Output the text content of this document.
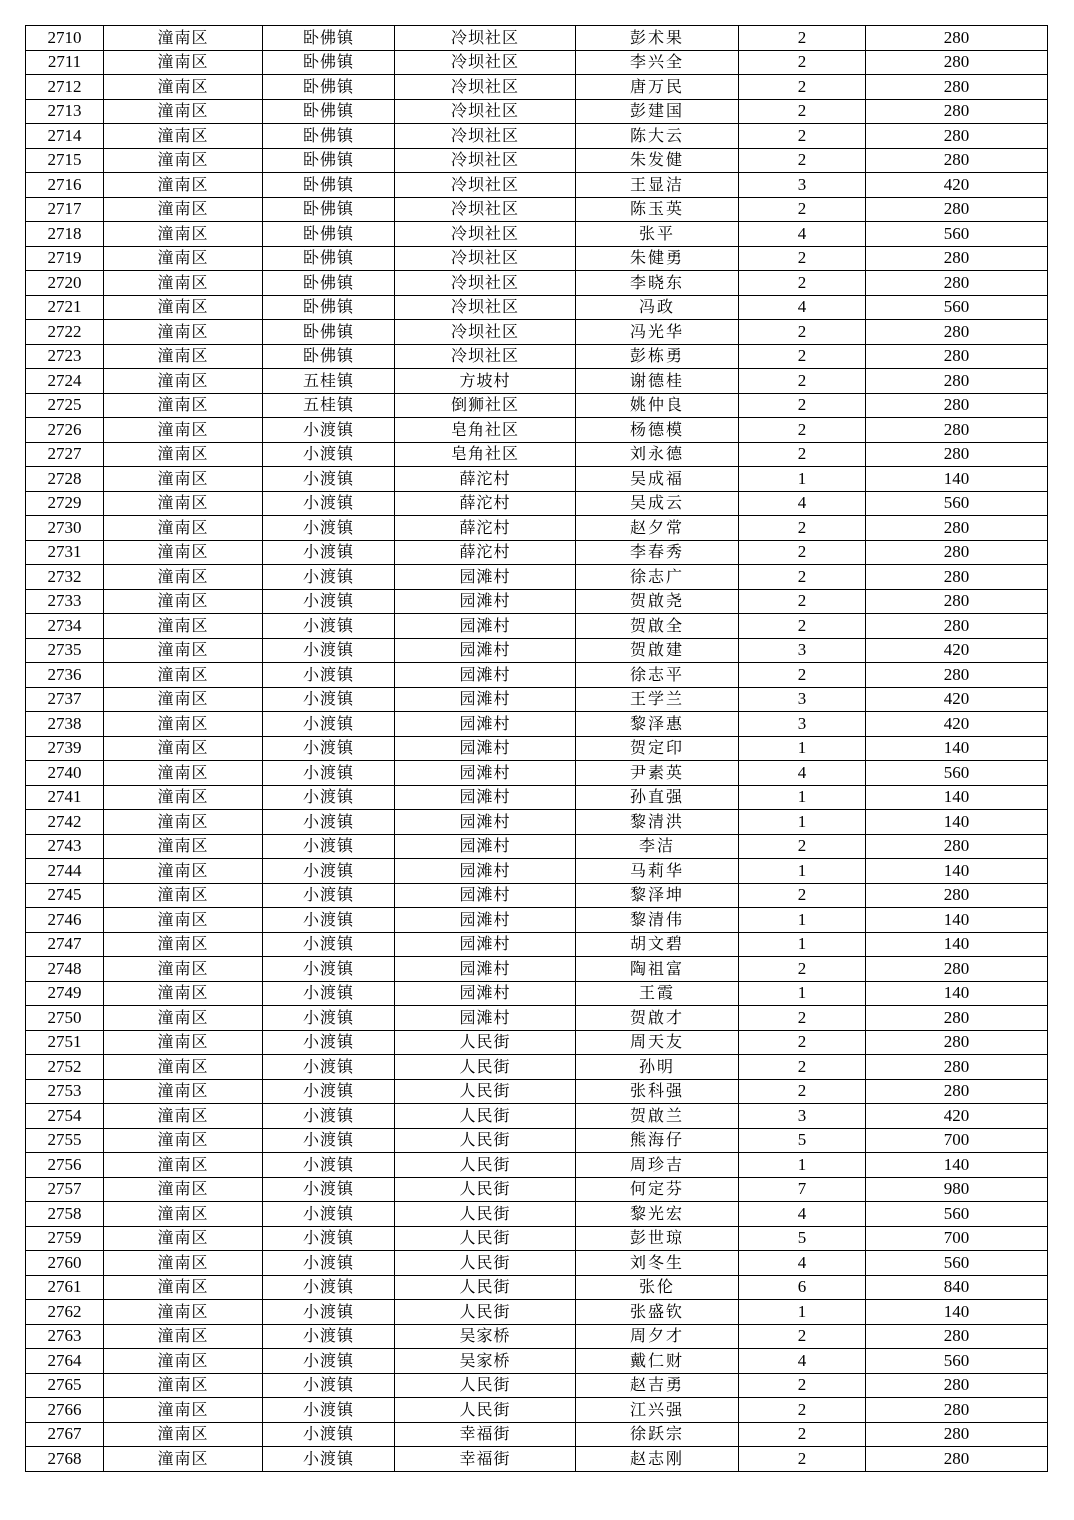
2710	潼南区	卧佛镇	冷坝社区	彭术果	2	280
2711	潼南区	卧佛镇	冷坝社区	李兴全	2	280
2712	潼南区	卧佛镇	冷坝社区	唐万民	2	280
2713	潼南区	卧佛镇	冷坝社区	彭建国	2	280
2714	潼南区	卧佛镇	冷坝社区	陈大云	2	280
2715	潼南区	卧佛镇	冷坝社区	朱发健	2	280
2716	潼南区	卧佛镇	冷坝社区	王显洁	3	420
2717	潼南区	卧佛镇	冷坝社区	陈玉英	2	280
2718	潼南区	卧佛镇	冷坝社区	张平	4	560
2719	潼南区	卧佛镇	冷坝社区	朱健勇	2	280
2720	潼南区	卧佛镇	冷坝社区	李晓东	2	280
2721	潼南区	卧佛镇	冷坝社区	冯政	4	560
2722	潼南区	卧佛镇	冷坝社区	冯光华	2	280
2723	潼南区	卧佛镇	冷坝社区	彭栋勇	2	280
2724	潼南区	五桂镇	方坡村	谢德桂	2	280
2725	潼南区	五桂镇	倒狮社区	姚仲良	2	280
2726	潼南区	小渡镇	皂角社区	杨德模	2	280
2727	潼南区	小渡镇	皂角社区	刘永德	2	280
2728	潼南区	小渡镇	薛沱村	吴成福	1	140
2729	潼南区	小渡镇	薛沱村	吴成云	4	560
2730	潼南区	小渡镇	薛沱村	赵夕常	2	280
2731	潼南区	小渡镇	薛沱村	李春秀	2	280
2732	潼南区	小渡镇	园滩村	徐志广	2	280
2733	潼南区	小渡镇	园滩村	贺啟尧	2	280
2734	潼南区	小渡镇	园滩村	贺啟全	2	280
2735	潼南区	小渡镇	园滩村	贺啟建	3	420
2736	潼南区	小渡镇	园滩村	徐志平	2	280
2737	潼南区	小渡镇	园滩村	王学兰	3	420
2738	潼南区	小渡镇	园滩村	黎泽惠	3	420
2739	潼南区	小渡镇	园滩村	贺定印	1	140
2740	潼南区	小渡镇	园滩村	尹素英	4	560
2741	潼南区	小渡镇	园滩村	孙直强	1	140
2742	潼南区	小渡镇	园滩村	黎清洪	1	140
2743	潼南区	小渡镇	园滩村	李洁	2	280
2744	潼南区	小渡镇	园滩村	马莉华	1	140
2745	潼南区	小渡镇	园滩村	黎泽坤	2	280
2746	潼南区	小渡镇	园滩村	黎清伟	1	140
2747	潼南区	小渡镇	园滩村	胡文碧	1	140
2748	潼南区	小渡镇	园滩村	陶祖富	2	280
2749	潼南区	小渡镇	园滩村	王霞	1	140
2750	潼南区	小渡镇	园滩村	贺啟才	2	280
2751	潼南区	小渡镇	人民街	周天友	2	280
2752	潼南区	小渡镇	人民街	孙明	2	280
2753	潼南区	小渡镇	人民街	张科强	2	280
2754	潼南区	小渡镇	人民街	贺啟兰	3	420
2755	潼南区	小渡镇	人民街	熊海仔	5	700
2756	潼南区	小渡镇	人民街	周珍吉	1	140
2757	潼南区	小渡镇	人民街	何定芬	7	980
2758	潼南区	小渡镇	人民街	黎光宏	4	560
2759	潼南区	小渡镇	人民街	彭世琼	5	700
2760	潼南区	小渡镇	人民街	刘冬生	4	560
2761	潼南区	小渡镇	人民街	张伦	6	840
2762	潼南区	小渡镇	人民街	张盛钦	1	140
2763	潼南区	小渡镇	吴家桥	周夕才	2	280
2764	潼南区	小渡镇	吴家桥	戴仁财	4	560
2765	潼南区	小渡镇	人民街	赵吉勇	2	280
2766	潼南区	小渡镇	人民街	江兴强	2	280
2767	潼南区	小渡镇	幸福街	徐跃宗	2	280
2768	潼南区	小渡镇	幸福街	赵志刚	2	280
